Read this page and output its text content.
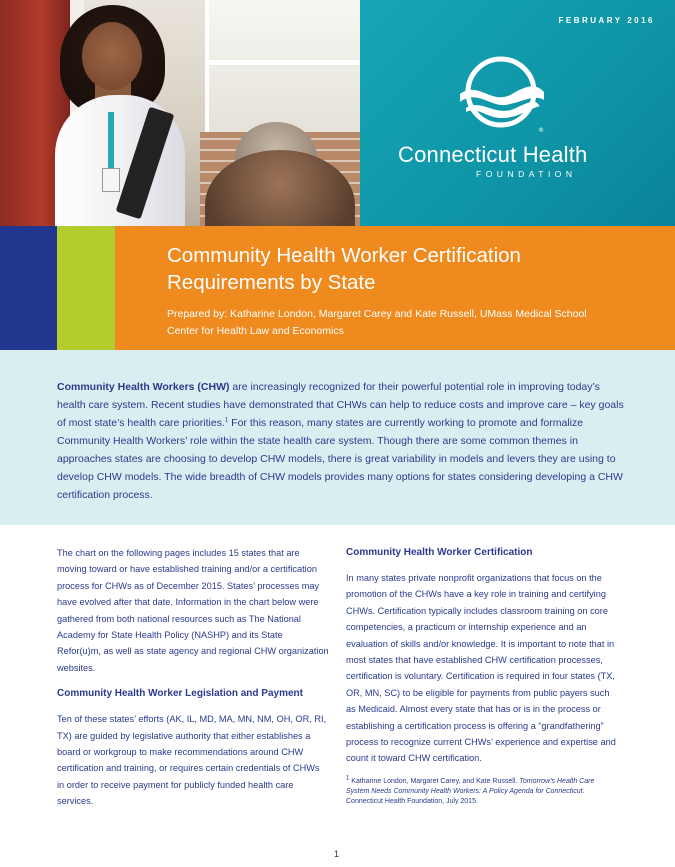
FEBRUARY 2016
®
Connecticut Health
FOUNDATION
Community Health Worker Certification Requirements by State
Prepared by: Katharine London, Margaret Carey and Kate Russell, UMass Medical School
Center for Health Law and Economics

Community Health Workers (CHW) are increasingly recognized for their powerful potential role in improving today’s health care system. Recent studies have demonstrated that CHWs can help to reduce costs and improve care – key goals of most state’s health care priorities.$^1$ For this reason, many states are currently working to promote and formalize Community Health Workers’ role within the state health care system. Though there are some common themes in approaches states are choosing to develop CHW models, there is great variability in models and levers they are using to develop CHW models. The wide breadth of CHW models provides many options for states considering developing a CHW certification process.

The chart on the following pages includes 15 states that are moving toward or have established training and/or a certification process for CHWs as of December 2015. States’ processes may have evolved after that date. Information in the chart below were gathered from both national resources such as The National Academy for State Health Policy (NASHP) and its State Refor(u)m, as well as state agency and regional CHW organization websites.

Community Health Worker Legislation and Payment

Ten of these states’ efforts (AK, IL, MD, MA, MN, NM, OH, OR, RI, TX) are guided by legislative authority that either establishes a board or workgroup to make recommendations around CHW certification and training, or requires certain credentials of CHWs in order to receive payment for publicly funded health care services.

Community Health Worker Certification

In many states private nonprofit organizations that focus on the promotion of the CHWs have a key role in training and certifying CHWs. Certification typically includes classroom training on core competencies, a practicum or internship experience and an evaluation of skills and/or knowledge. It is important to note that in most states that have established CHW certification processes, certification is voluntary. Certification is required in four states (TX, OR, MN, SC) to be eligible for payments from public payers such as Medicaid. Almost every state that has or is in the process or establishing a certification process is offering a “grandfathering” process to recognize current CHWs’ experience and expertise and count it toward CHW certification.

$^1$ Katharine London, Margaret Carey, and Kate Russell. Tomorrow’s Health Care System Needs Community Health Workers: A Policy Agenda for Connecticut. Connecticut Health Foundation, July 2015.
1
